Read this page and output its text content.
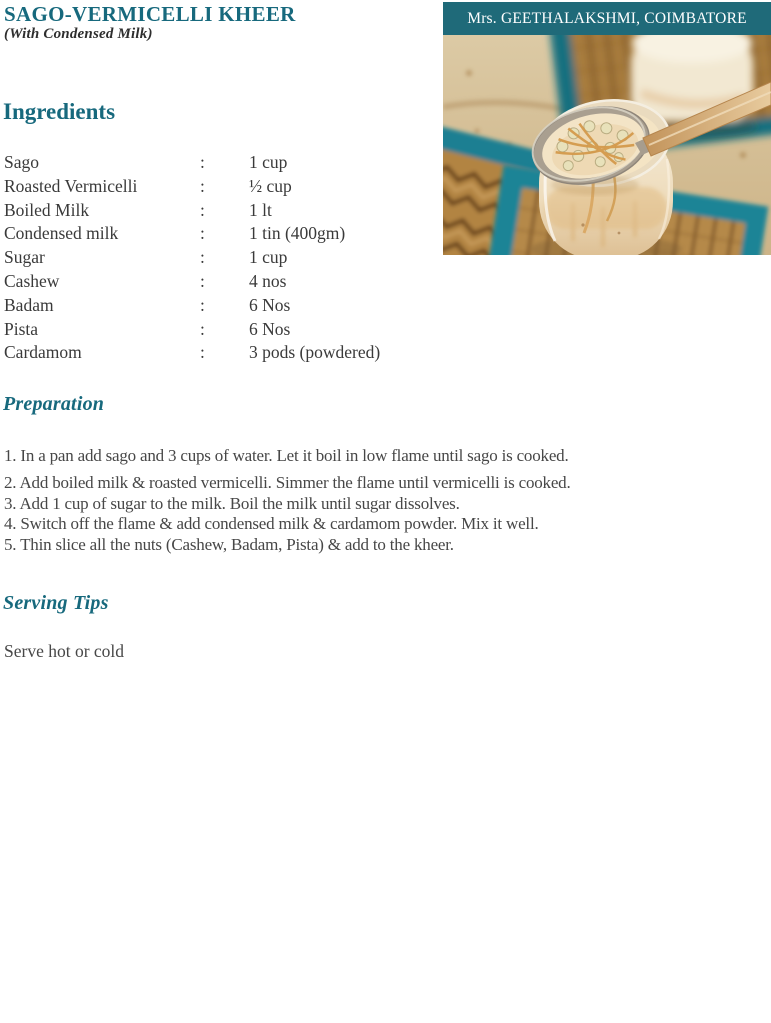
SAGO-VERMICELLI KHEER
(With Condensed Milk)
Mrs. GEETHALAKSHMI, COIMBATORE
Ingredients
Sago	:	1 cup
Roasted Vermicelli	:	½ cup
Boiled Milk	:	1 lt
Condensed milk	:	1 tin (400gm)
Sugar	:	1 cup
Cashew	:	4 nos
Badam	:	6 Nos
Pista	:	6 Nos
Cardamom	:	3 pods (powdered)
Preparation

1. In a pan add sago and 3 cups of water. Let it boil in low flame until sago is cooked.

2. Add boiled milk & roasted vermicelli. Simmer the flame until vermicelli is cooked.

3. Add 1 cup of sugar to the milk. Boil the milk until sugar dissolves.

4. Switch off the flame & add condensed milk & cardamom powder. Mix it well.

5. Thin slice all the nuts (Cashew, Badam, Pista) & add to the kheer.

Serving Tips
Serve hot or cold
